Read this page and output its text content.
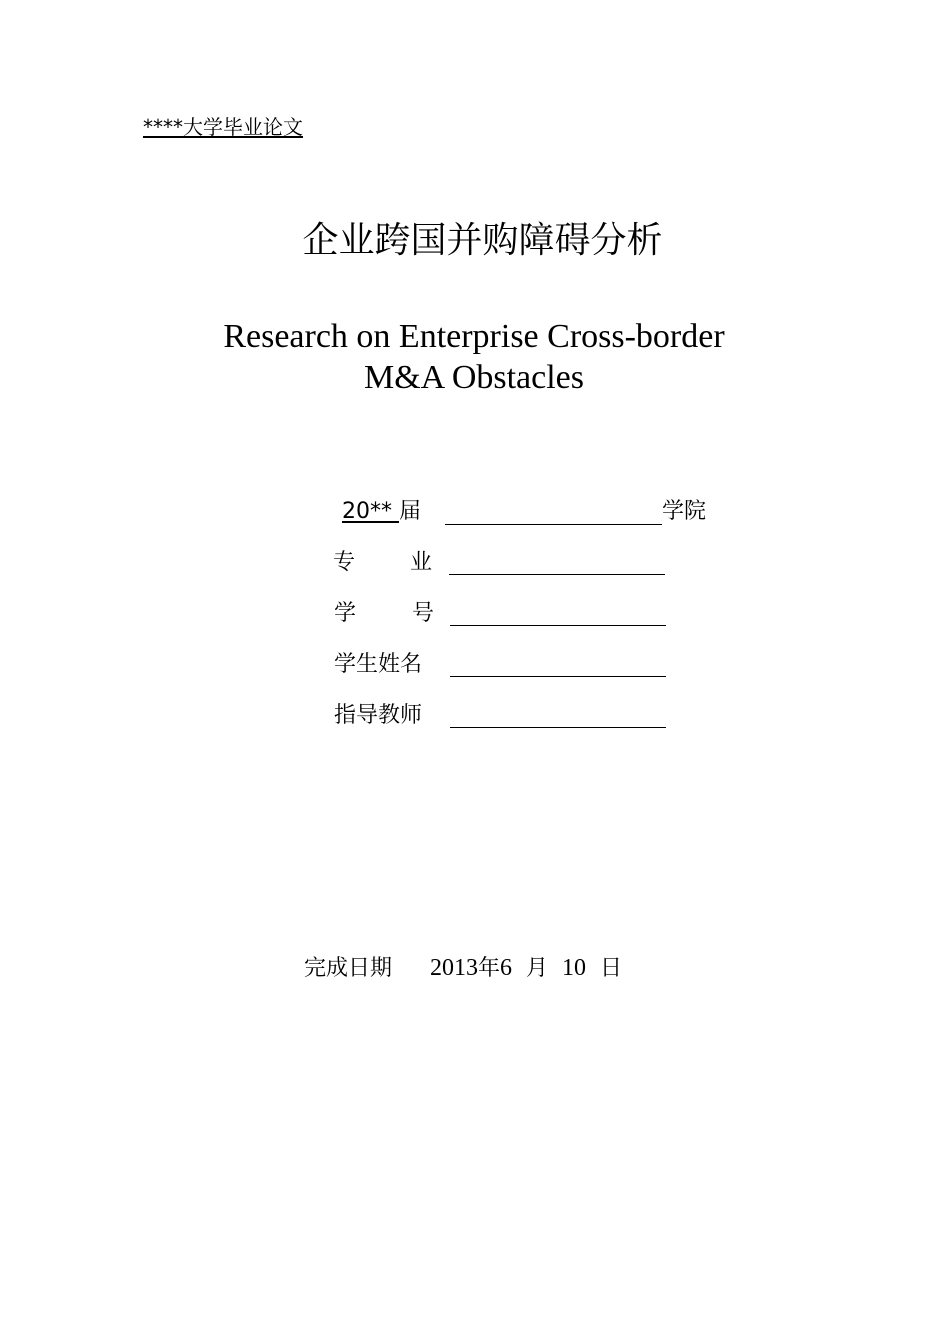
****大学毕业论文
企业跨国并购障碍分析
Research on Enterprise Cross-border
M&A Obstacles
20** 届	学院
专 业
学	号
学生姓名
指导教师
完成日期 2013年6 月 10 日
